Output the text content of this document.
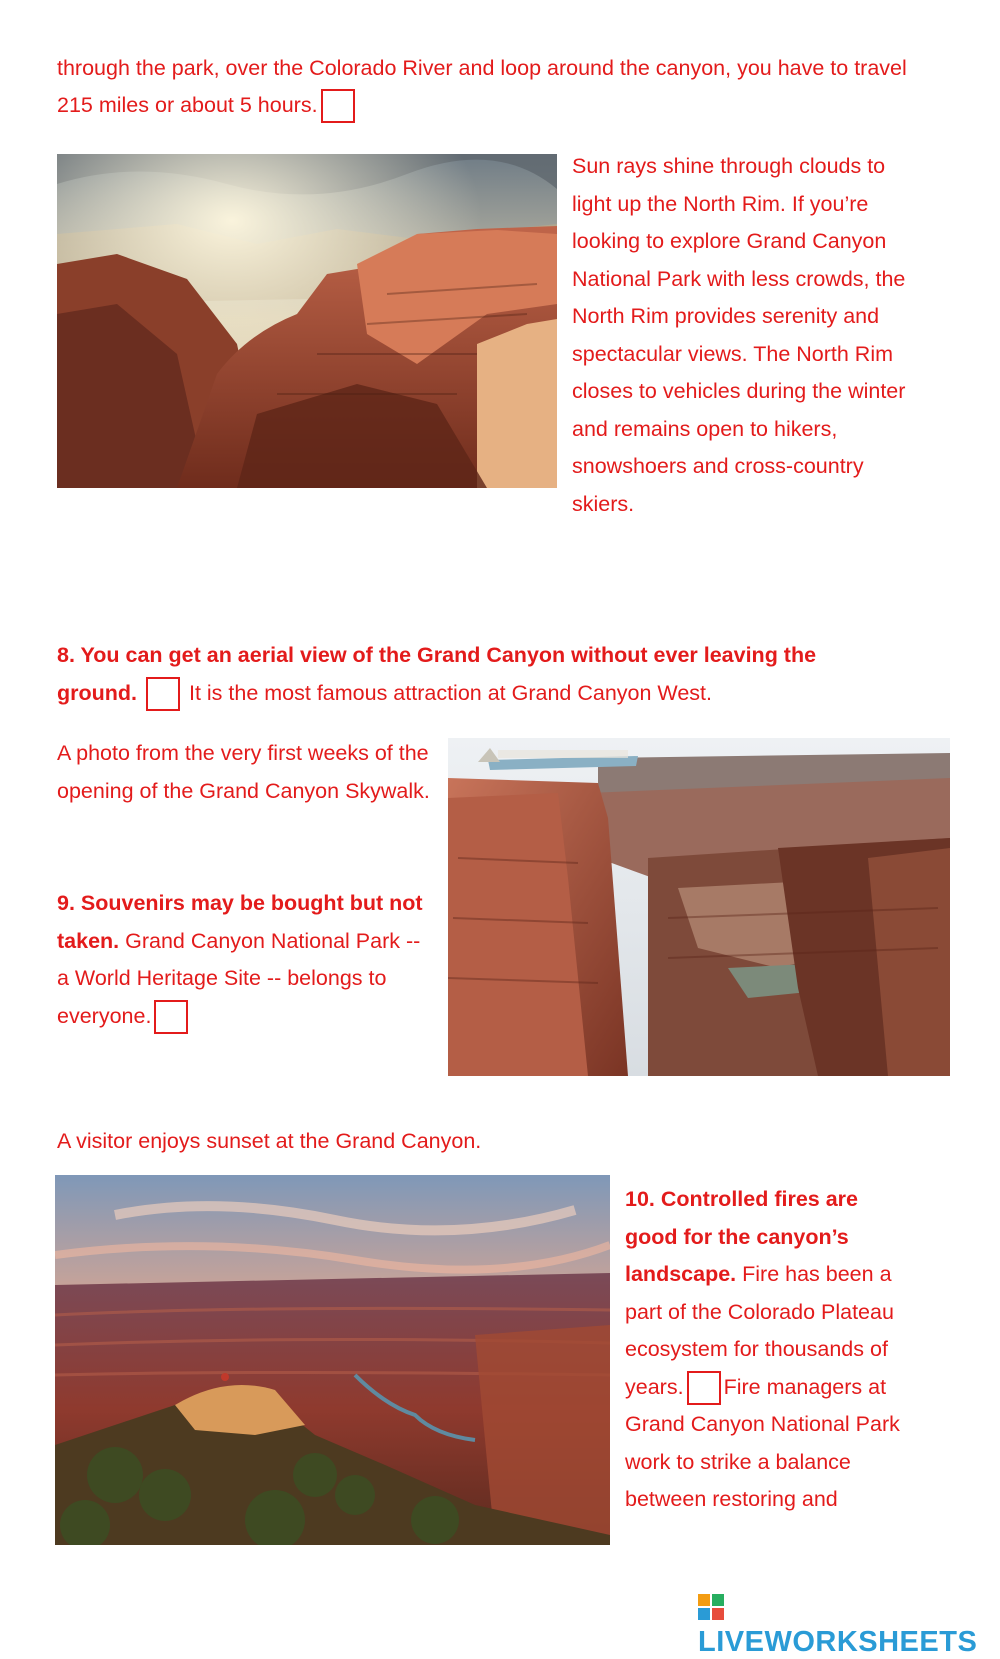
through the park, over the Colorado River and loop around the canyon, you have to travel
215 miles or about 5 hours.
Sun rays shine through clouds to
light up the North Rim. If you’re
looking to explore Grand Canyon
National Park with less crowds, the
North Rim provides serenity and
spectacular views. The North Rim
closes to vehicles during the winter
and remains open to hikers,
snowshoers and cross-country
skiers.
8. You can get an aerial view of the Grand Canyon without ever leaving the
ground. It is the most famous attraction at Grand Canyon West.
A photo from the very first weeks of the
opening of the Grand Canyon Skywalk.
9. Souvenirs may be bought but not
taken. Grand Canyon National Park --
a World Heritage Site -- belongs to
everyone.
A visitor enjoys sunset at the Grand Canyon.
10. Controlled fires are
good for the canyon’s
landscape. Fire has been a
part of the Colorado Plateau
ecosystem for thousands of
years. Fire managers at
Grand Canyon National Park
work to strike a balance
between restoring and
LIVEWORKSHEETS
